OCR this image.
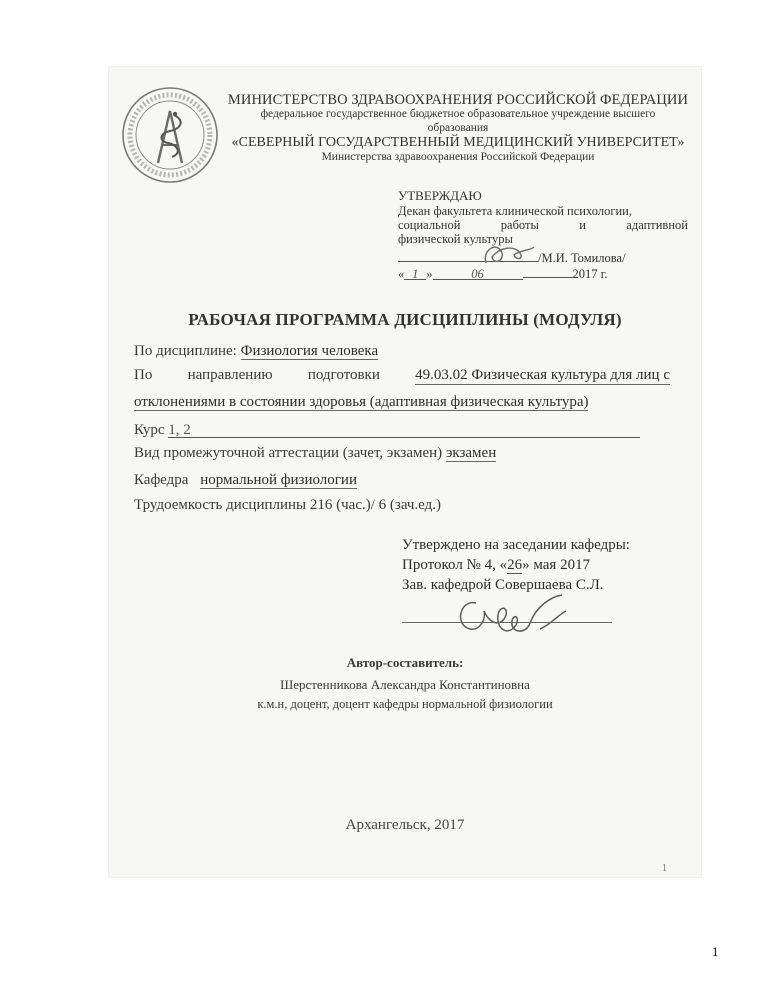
МИНИСТЕРСТВО ЗДРАВООХРАНЕНИЯ РОССИЙСКОЙ ФЕДЕРАЦИИ
федеральное государственное бюджетное образовательное учреждение высшего
образования
«СЕВЕРНЫЙ ГОСУДАРСТВЕННЫЙ МЕДИЦИНСКИЙ УНИВЕРСИТЕТ»
Министерства здравоохранения Российской Федерации
УТВЕРЖДАЮ
Декан факультета клинической психологии,
социальной	работы	и	адаптивной
физической культуры
/М.И. Томилова/
« 1 »	06	2017 г.
РАБОЧАЯ ПРОГРАММА ДИСЦИПЛИНЫ (МОДУЛЯ)
По дисциплине: Физиология человека
По направлению подготовки 49.03.02 Физическая культура для лиц с
отклонениями в состоянии здоровья (адаптивная физическая культура)
Курс 1, 2
Вид промежуточной аттестации (зачет, экзамен) экзамен
Кафедра нормальной физиологии
Трудоемкость дисциплины 216 (час.)/ 6 (зач.ед.)
Утверждено на заседании кафедры:
Протокол № 4, «26» мая 2017
Зав. кафедрой Совершаева С.Л.
Автор-составитель:
Шерстенникова Александра Константиновна
к.м.н, доцент, доцент кафедры нормальной физиологии
Архангельск, 2017
1
1
